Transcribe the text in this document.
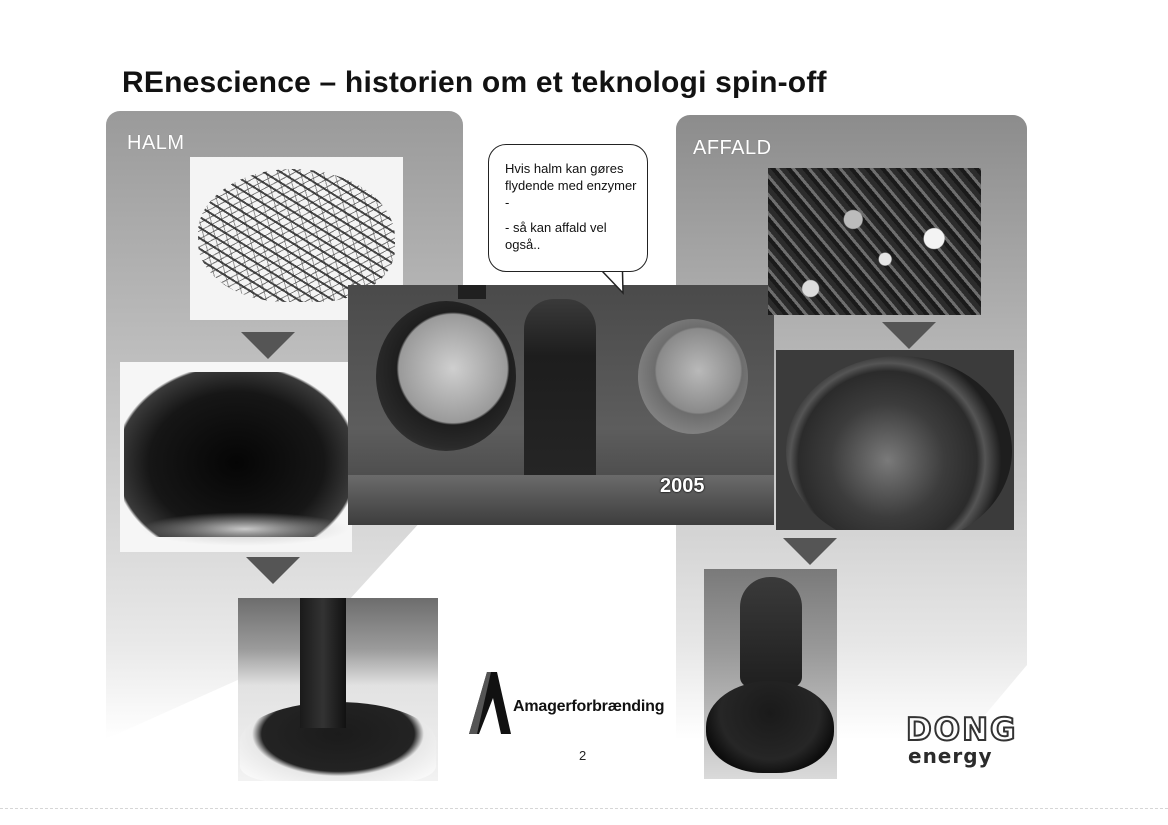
REnescience – historien om et teknologi spin-off
HALM	AFFALD
2005

Hvis halm kan gøres flydende med enzymer -

- så kan affald vel også..

Amagerforbrænding
2
DONG
energy
